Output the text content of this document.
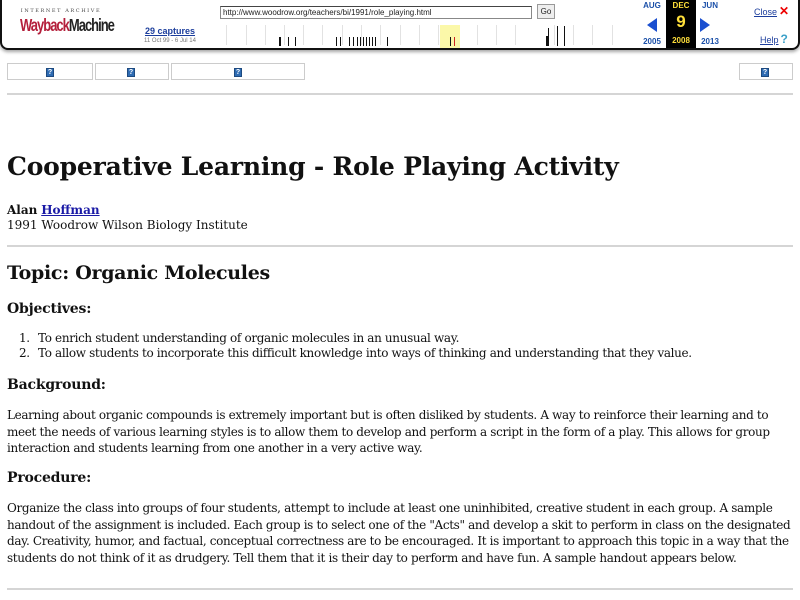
INTERNET ARCHIVE
WaybackMachine	29 captures
11 Oct 99 - 6 Jul 14
http://www.woodrow.org/teachers/bi/1991/role_playing.html	Go
AUG
2005
DEC
9
2008
JUN
2013
Close ✕
Help ?
?	?	?	?
Cooperative Learning - Role Playing Activity
Alan Hoffman
1991 Woodrow Wilson Biology Institute
Topic: Organic Molecules
Objectives:
1. To enrich student understanding of organic molecules in an unusual way.
2. To allow students to incorporate this difficult knowledge into ways of thinking and understanding that they value.
Background:

Learning about organic compounds is extremely important but is often disliked by students. A way to reinforce their learning and to meet the needs of various learning styles is to allow them to develop and perform a script in the form of a play. This allows for group interaction and students learning from one another in a very active way.

Procedure:

Organize the class into groups of four students, attempt to include at least one uninhibited, creative student in each group. A sample handout of the assignment is included. Each group is to select one of the "Acts" and develop a skit to perform in class on the designated day. Creativity, humor, and factual, conceptual correctness are to be encouraged. It is important to approach this topic in a way that the students do not think of it as drudgery. Tell them that it is their day to perform and have fun. A sample handout appears below.
